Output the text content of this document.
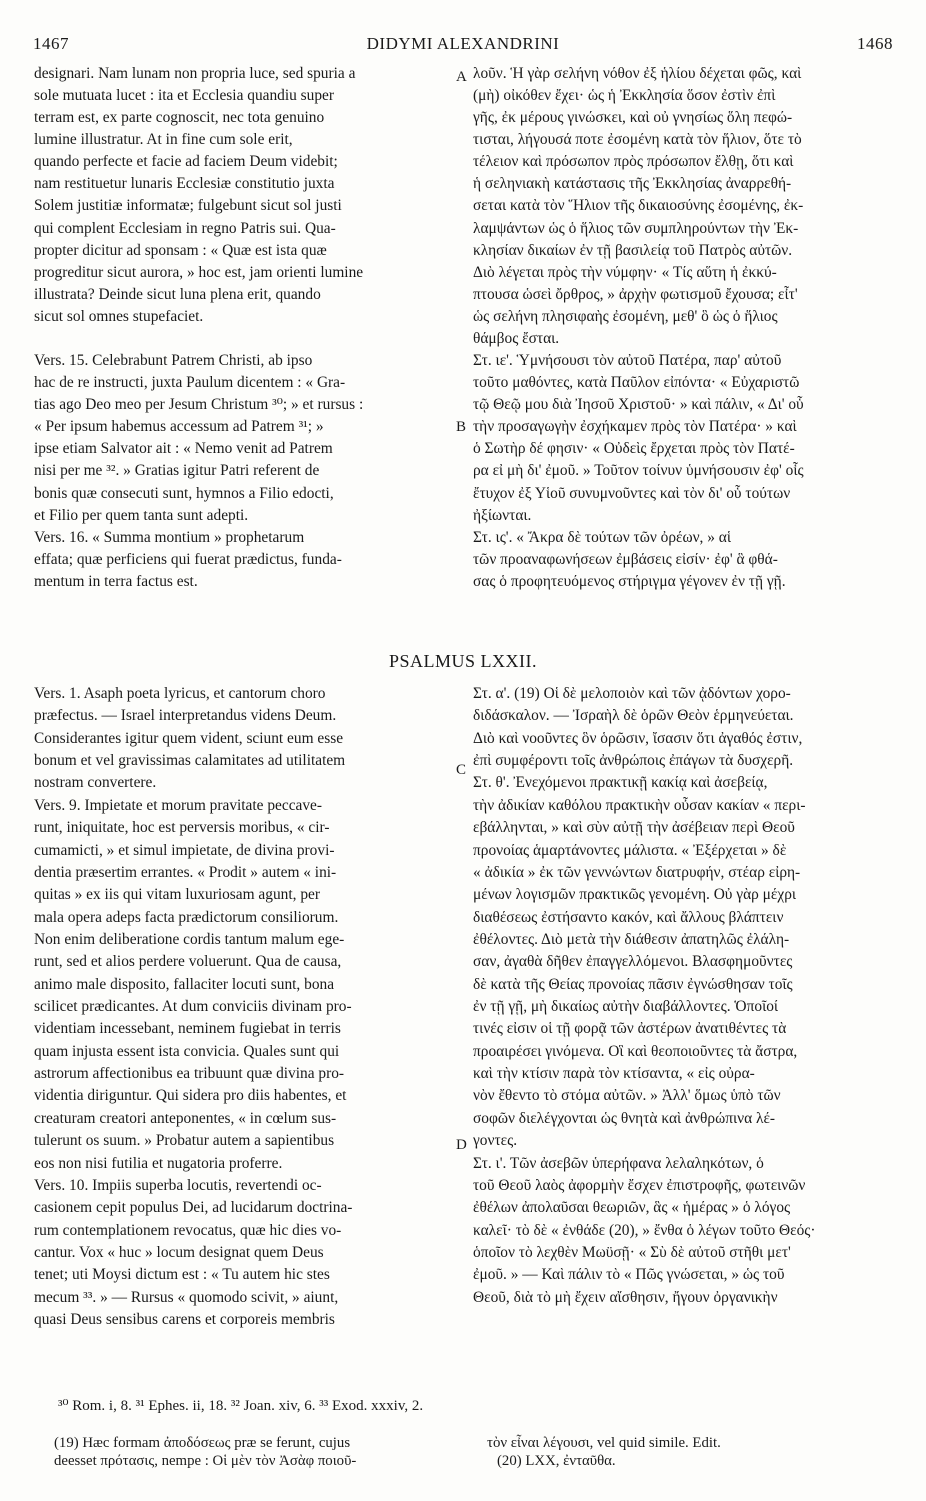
1467	DIDYMI ALEXANDRINI	1468
designari. Nam lunam non propria luce, sed spuria a
sole mutuata lucet : ita et Ecclesia quandiu super
terram est, ex parte cognoscit, nec tota genuino
lumine illustratur. At in fine cum sole erit,
quando perfecte et facie ad faciem Deum videbit;
nam restituetur lunaris Ecclesiæ constitutio juxta
Solem justitiæ informatæ; fulgebunt sicut sol justi
qui complent Ecclesiam in regno Patris sui. Qua-
propter dicitur ad sponsam : « Quæ est ista quæ
progreditur sicut aurora, » hoc est, jam orienti lumine
illustrata? Deinde sicut luna plena erit, quando
sicut sol omnes stupefaciet.
Vers. 15. Celebrabunt Patrem Christi, ab ipso
hac de re instructi, juxta Paulum dicentem : « Gra-
tias ago Deo meo per Jesum Christum ³⁰; » et rursus :
« Per ipsum habemus accessum ad Patrem ³¹; »
ipse etiam Salvator ait : « Nemo venit ad Patrem
nisi per me ³². » Gratias igitur Patri referent de
bonis quæ consecuti sunt, hymnos a Filio edocti,
et Filio per quem tanta sunt adepti.
Vers. 16. « Summa montium » prophetarum
effata; quæ perficiens qui fuerat prædictus, funda-
mentum in terra factus est.
λοῦν. Ἡ γὰρ σελήνη νόθον ἐξ ἡλίου δέχεται φῶς, καὶ
(μὴ) οἰκόθεν ἔχει· ὡς ἡ Ἐκκλησία ὅσον ἐστὶν ἐπὶ
γῆς, ἐκ μέρους γινώσκει, καὶ οὐ γνησίως ὅλη πεφώ-
τισται, λήγουσά ποτε ἐσομένη κατὰ τὸν ἥλιον, ὅτε τὸ
τέλειον καὶ πρόσωπον πρὸς πρόσωπον ἔλθῃ, ὅτι καὶ
ἡ σεληνιακὴ κατάστασις τῆς Ἐκκλησίας ἀναρρεθή-
σεται κατὰ τὸν Ἥλιον τῆς δικαιοσύνης ἐσομένης, ἐκ-
λαμψάντων ὡς ὁ ἥλιος τῶν συμπληρούντων τὴν Ἐκ-
κλησίαν δικαίων ἐν τῇ βασιλείᾳ τοῦ Πατρὸς αὐτῶν.
Διὸ λέγεται πρὸς τὴν νύμφην· « Τίς αὕτη ἡ ἐκκύ-
πτουσα ὡσεὶ ὄρθρος, » ἀρχὴν φωτισμοῦ ἔχουσα; εἶτ'
ὡς σελήνη πλησιφαὴς ἐσομένη, μεθ' ὃ ὡς ὁ ἥλιος
θάμβος ἔσται.
Στ. ιε'. Ὑμνήσουσι τὸν αὐτοῦ Πατέρα, παρ' αὐτοῦ
τοῦτο μαθόντες, κατὰ Παῦλον εἰπόντα· « Εὐχαριστῶ
τῷ Θεῷ μου διὰ Ἰησοῦ Χριστοῦ· » καὶ πάλιν, « Δι' οὗ
τὴν προσαγωγὴν ἐσχήκαμεν πρὸς τὸν Πατέρα· » καὶ
ὁ Σωτὴρ δέ φησιν· « Οὐδεὶς ἔρχεται πρὸς τὸν Πατέ-
ρα εἰ μὴ δι' ἐμοῦ. » Τοῦτον τοίνυν ὑμνήσουσιν ἐφ' οἷς
ἔτυχον ἐξ Υἱοῦ συνυμνοῦντες καὶ τὸν δι' οὗ τούτων
ἠξίωνται.
Στ. ις'. « Ἄκρα δὲ τούτων τῶν ὀρέων, » αἱ
τῶν προαναφωνήσεων ἐμβάσεις εἰσίν· ἐφ' ἃ φθά-
σας ὁ προφητευόμενος στήριγμα γέγονεν ἐν τῇ γῇ.
A
B
C
D
PSALMUS LXXII.
Vers. 1. Asaph poeta lyricus, et cantorum choro
præfectus. — Israel interpretandus videns Deum.
Considerantes igitur quem vident, sciunt eum esse
bonum et vel gravissimas calamitates ad utilitatem
nostram convertere.
Vers. 9. Impietate et morum pravitate peccave-
runt, iniquitate, hoc est perversis moribus, « cir-
cumamicti, » et simul impietate, de divina provi-
dentia præsertim errantes. « Prodit » autem « ini-
quitas » ex iis qui vitam luxuriosam agunt, per
mala opera adeps facta prædictorum consiliorum.
Non enim deliberatione cordis tantum malum ege-
runt, sed et alios perdere voluerunt. Qua de causa,
animo male disposito, fallaciter locuti sunt, bona
scilicet prædicantes. At dum conviciis divinam pro-
videntiam incessebant, neminem fugiebat in terris
quam injusta essent ista convicia. Quales sunt qui
astrorum affectionibus ea tribuunt quæ divina pro-
videntia diriguntur. Qui sidera pro diis habentes, et
creaturam creatori anteponentes, « in cœlum sus-
tulerunt os suum. » Probatur autem a sapientibus
eos non nisi futilia et nugatoria proferre.
Vers. 10. Impiis superba locutis, revertendi oc-
casionem cepit populus Dei, ad lucidarum doctrina-
rum contemplationem revocatus, quæ hic dies vo-
cantur. Vox « huc » locum designat quem Deus
tenet; uti Moysi dictum est : « Tu autem hic stes
mecum ³³. » — Rursus « quomodo scivit, » aiunt,
quasi Deus sensibus carens et corporeis membris
Στ. α'. (19) Οἱ δὲ μελοποιὸν καὶ τῶν ᾀδόντων χορο-
διδάσκαλον. — Ἰσραὴλ δὲ ὁρῶν Θεὸν ἑρμηνεύεται.
Διὸ καὶ νοοῦντες ὃν ὁρῶσιν, ἴσασιν ὅτι ἀγαθός ἐστιν,
ἐπὶ συμφέροντι τοῖς ἀνθρώποις ἐπάγων τὰ δυσχερῆ.
Στ. θ'. Ἐνεχόμενοι πρακτικῇ κακίᾳ καὶ ἀσεβείᾳ,
τὴν ἀδικίαν καθόλου πρακτικὴν οὖσαν κακίαν « περι-
εβάλληνται, » καὶ σὺν αὐτῇ τὴν ἀσέβειαν περὶ Θεοῦ
προνοίας ἁμαρτάνοντες μάλιστα. « Ἐξέρχεται » δὲ
« ἀδικία » ἐκ τῶν γεννώντων διατρυφήν, στέαρ εἰρη-
μένων λογισμῶν πρακτικῶς γενομένη. Οὐ γὰρ μέχρι
διαθέσεως ἐστήσαντο κακόν, καὶ ἄλλους βλάπτειν
ἐθέλοντες. Διὸ μετὰ τὴν διάθεσιν ἀπατηλῶς ἐλάλη-
σαν, ἀγαθὰ δῆθεν ἐπαγγελλόμενοι. Βλασφημοῦντες
δὲ κατὰ τῆς Θείας προνοίας πᾶσιν ἐγνώσθησαν τοῖς
ἐν τῇ γῇ, μὴ δικαίως αὐτὴν διαβάλλοντες. Ὁποῖοί
τινές εἰσιν οἱ τῇ φορᾷ τῶν ἀστέρων ἀνατιθέντες τὰ
προαιρέσει γινόμενα. Οἳ καὶ θεοποιοῦντες τὰ ἄστρα,
καὶ τὴν κτίσιν παρὰ τὸν κτίσαντα, « εἰς οὐρα-
νὸν ἔθεντο τὸ στόμα αὐτῶν. » Ἀλλ' ὅμως ὑπὸ τῶν
σοφῶν διελέγχονται ὡς θνητὰ καὶ ἀνθρώπινα λέ-
γοντες.
Στ. ι'. Τῶν ἀσεβῶν ὑπερήφανα λελαληκότων, ὁ
τοῦ Θεοῦ λαὸς ἀφορμὴν ἔσχεν ἐπιστροφῆς, φωτεινῶν
ἐθέλων ἀπολαῦσαι θεωριῶν, ἃς « ἡμέρας » ὁ λόγος
καλεῖ· τὸ δὲ « ἐνθάδε (20), » ἔνθα ὁ λέγων τοῦτο Θεός·
ὁποῖον τὸ λεχθὲν Μωϋσῇ· « Σὺ δὲ αὐτοῦ στῆθι μετ'
ἐμοῦ. » — Καὶ πάλιν τὸ « Πῶς γνώσεται, » ὡς τοῦ
Θεοῦ, διὰ τὸ μὴ ἔχειν αἴσθησιν, ἤγουν ὀργανικὴν
³⁰ Rom. i, 8. ³¹ Ephes. ii, 18. ³² Joan. xiv, 6. ³³ Exod. xxxiv, 2.
(19) Hæc formam ἀποδόσεως præ se ferunt, cujus
deesset πρότασις, nempe : Οἱ μὲν τὸν Ἀσὰφ ποιοῦ-
τὸν εἶναι λέγουσι, vel quid simile. Edit.
(20) LXX, ἐνταῦθα.
